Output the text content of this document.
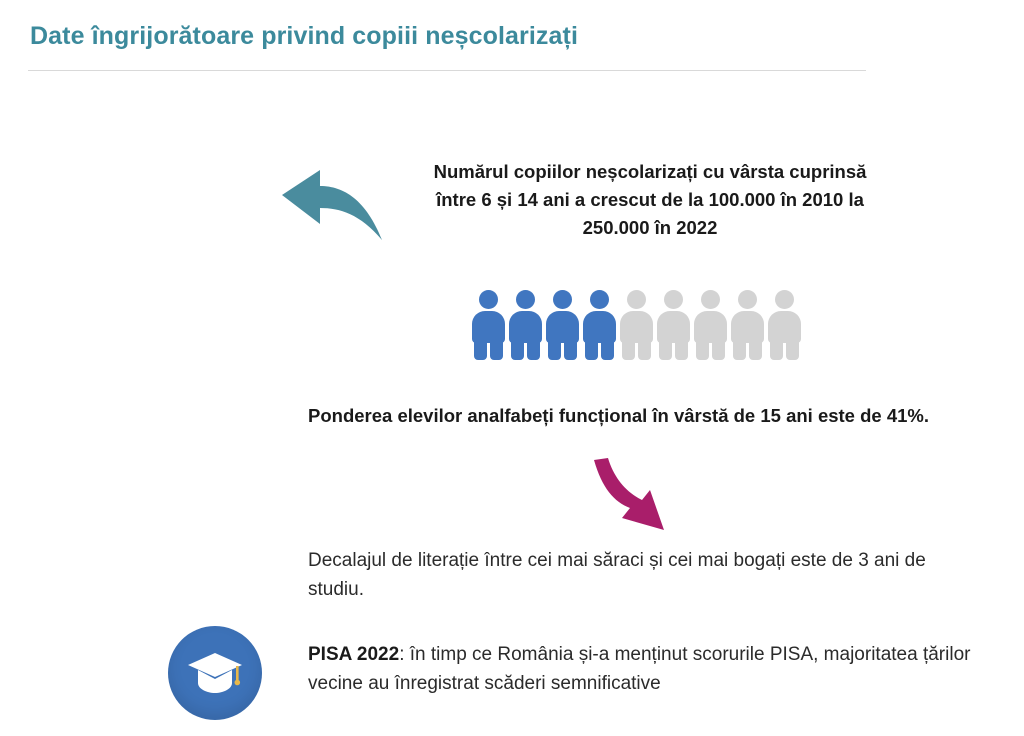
Date îngrijorătoare privind copiii neșcolarizați
Numărul copiilor neșcolarizați cu vârsta cuprinsă între 6 și 14 ani a crescut de la 100.000 în 2010 la 250.000 în 2022
Ponderea elevilor analfabeți funcțional în vârstă de 15 ani este de 41%.
Decalajul de literație între cei mai săraci și cei mai bogați este de 3 ani de studiu.
PISA 2022: în timp ce România și-a menținut scorurile PISA, majoritatea țărilor vecine au înregistrat scăderi semnificative
